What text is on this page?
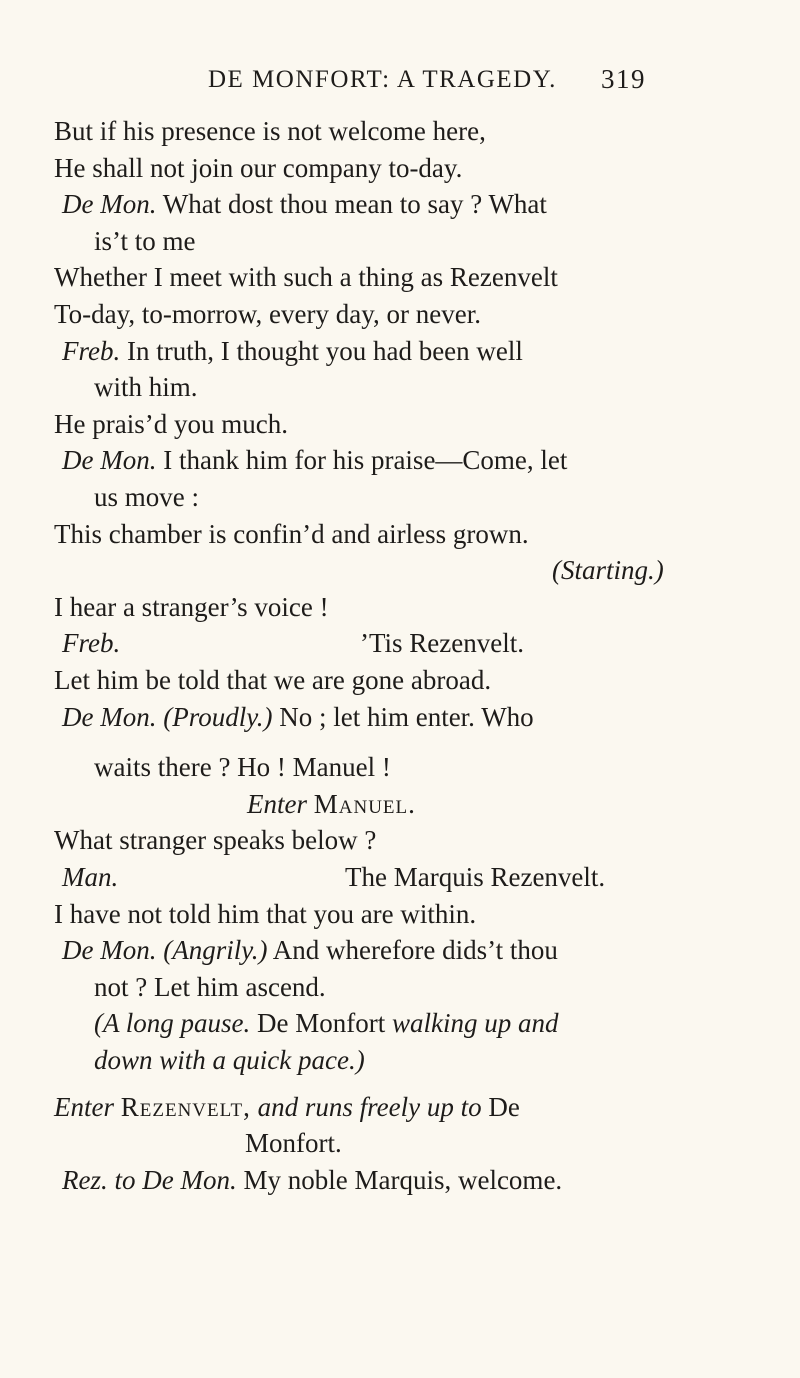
DE MONFORT: A TRAGEDY. 319
But if his presence is not welcome here,
He shall not join our company to-day.
De Mon. What dost thou mean to say ? What
is’t to me
Whether I meet with such a thing as Rezenvelt
To-day, to-morrow, every day, or never.
Freb. In truth, I thought you had been well
with him.
He prais’d you much.
De Mon. I thank him for his praise—Come, let
us move :
This chamber is confin’d and airless grown.
(Starting.)
I hear a stranger’s voice !
Freb.	’Tis Rezenvelt.
Let him be told that we are gone abroad.
De Mon. (Proudly.) No ; let him enter. Who
waits there ? Ho ! Manuel !
Enter Manuel.
What stranger speaks below ?
Man.	The Marquis Rezenvelt.
I have not told him that you are within.
De Mon. (Angrily.) And wherefore dids’t thou
not ? Let him ascend.
(A long pause. De Monfort walking up and
down with a quick pace.)
Enter Rezenvelt, and runs freely up to De
Monfort.
Rez. to De Mon. My noble Marquis, welcome.
